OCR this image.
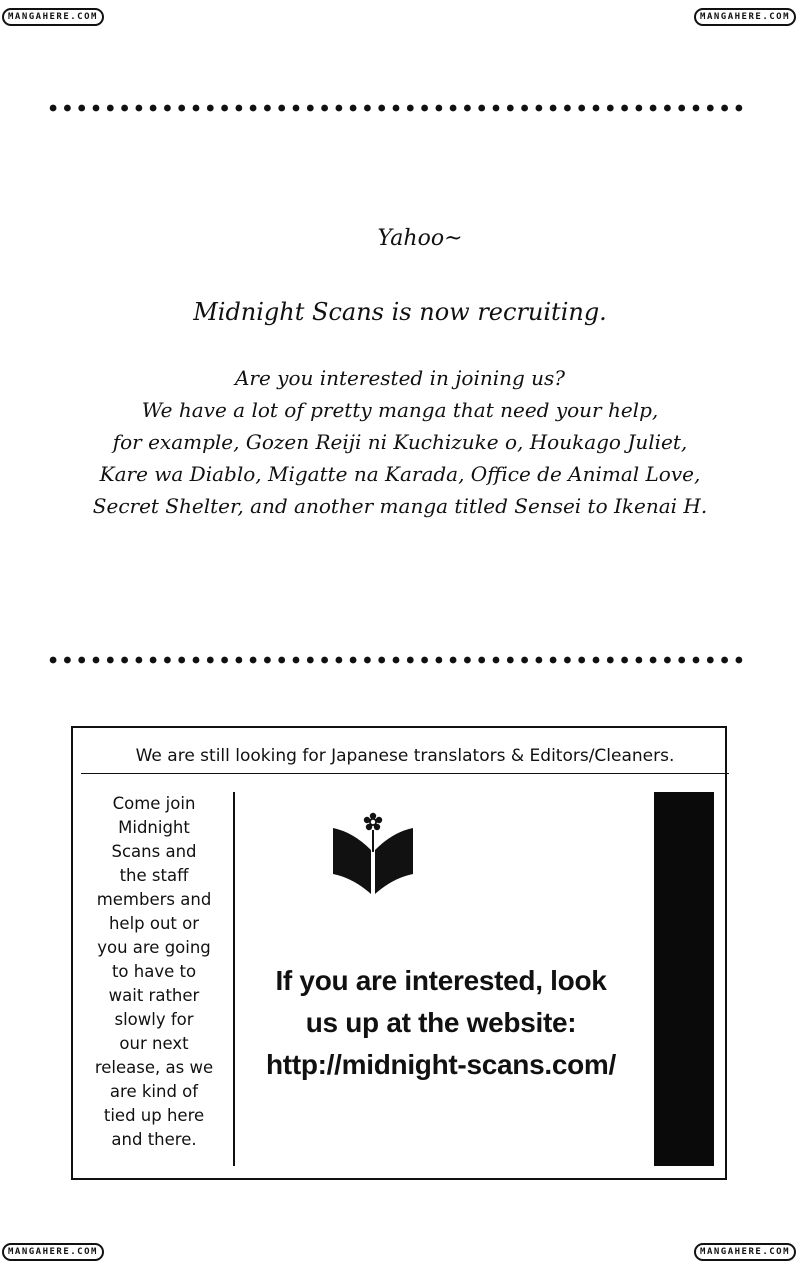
MANGAHERE.COM	MANGAHERE.COM
MANGAHERE.COM	MANGAHERE.COM
Yahoo~
Midnight Scans is now recruiting.
Are you interested in joining us?
We have a lot of pretty manga that need your help,
for example, Gozen Reiji ni Kuchizuke o, Houkago Juliet,
Kare wa Diablo, Migatte na Karada, Office de Animal Love,
Secret Shelter, and another manga titled Sensei to Ikenai H.
We are still looking for Japanese translators & Editors/Cleaners.
Come join
Midnight
Scans and
the staff
members and
help out or
you are going
to have to
wait rather
slowly for
our next
release, as we
are kind of
tied up here
and there.
If you are interested, look
us up at the website:
http://midnight-scans.com/
